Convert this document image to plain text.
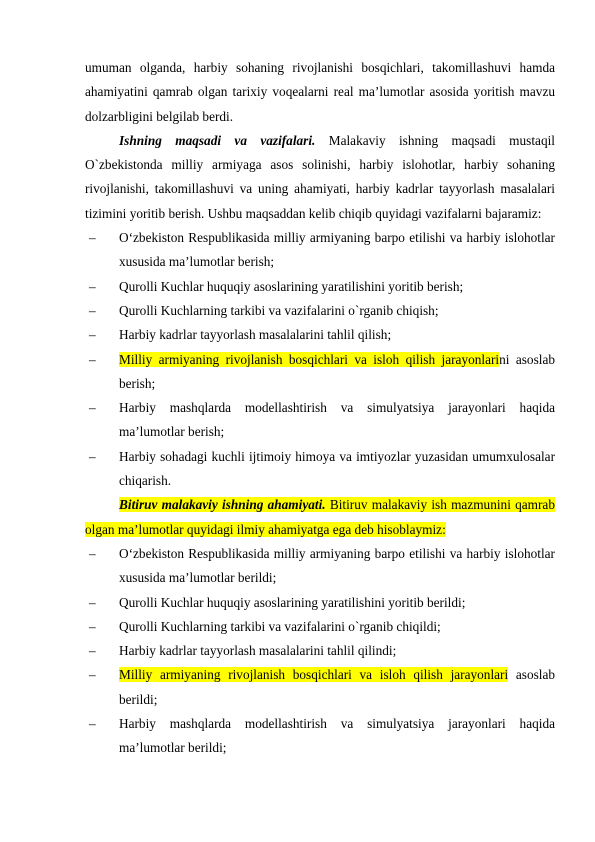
umuman olganda, harbiy sohaning rivojlanishi bosqichlari, takomillashuvi hamda ahamiyatini qamrab olgan tarixiy voqealarni real ma’lumotlar asosida yoritish mavzu dolzarbligini belgilab berdi.

Ishning maqsadi va vazifalari. Malakaviy ishning maqsadi mustaqil O`zbekistonda milliy armiyaga asos solinishi, harbiy islohotlar, harbiy sohaning rivojlanishi, takomillashuvi va uning ahamiyati, harbiy kadrlar tayyorlash masalalari tizimini yoritib berish. Ushbu maqsaddan kelib chiqib quyidagi vazifalarni bajaramiz:

– O‘zbekiston Respublikasida milliy armiyaning barpo etilishi va harbiy islohotlar xususida ma’lumotlar berish;
– Qurolli Kuchlar huquqiy asoslarining yaratilishini yoritib berish;
– Qurolli Kuchlarning tarkibi va vazifalarini o`rganib chiqish;
– Harbiy kadrlar tayyorlash masalalarini tahlil qilish;
– Milliy armiyaning rivojlanish bosqichlari va isloh qilish jarayonlarini asoslab berish;
– Harbiy mashqlarda modellashtirish va simulyatsiya jarayonlari haqida ma’lumotlar berish;
– Harbiy sohadagi kuchli ijtimoiy himoya va imtiyozlar yuzasidan umumxulosalar chiqarish.

Bitiruv malakaviy ishning ahamiyati. Bitiruv malakaviy ish mazmunini qamrab olgan ma’lumotlar quyidagi ilmiy ahamiyatga ega deb hisoblaymiz:

– O‘zbekiston Respublikasida milliy armiyaning barpo etilishi va harbiy islohotlar xususida ma’lumotlar berildi;
– Qurolli Kuchlar huquqiy asoslarining yaratilishini yoritib berildi;
– Qurolli Kuchlarning tarkibi va vazifalarini o`rganib chiqildi;
– Harbiy kadrlar tayyorlash masalalarini tahlil qilindi;
– Milliy armiyaning rivojlanish bosqichlari va isloh qilish jarayonlari asoslab berildi;
– Harbiy mashqlarda modellashtirish va simulyatsiya jarayonlari haqida ma’lumotlar berildi;
